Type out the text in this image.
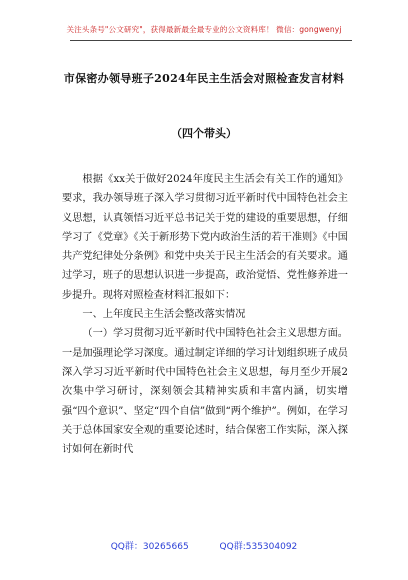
关注头条号"公文研究"，获得最新最全最专业的公文资料库！ 微信：gongwenyj
市保密办领导班子2024年民主生活会对照检查发言材料
（四个带头）

根据《xx关于做好2024年度民主生活会有关工作的通知》要求，我办领导班子深入学习贯彻习近平新时代中国特色社会主义思想，认真领悟习近平总书记关于党的建设的重要思想，仔细学习了《党章》《关于新形势下党内政治生活的若干准则》《中国共产党纪律处分条例》和党中央关于民主生活会的有关要求。通过学习，班子的思想认识进一步提高，政治觉悟、党性修养进一步提升。现将对照检查材料汇报如下：

一、上年度民主生活会整改落实情况

（一）学习贯彻习近平新时代中国特色社会主义思想方面。一是加强理论学习深度。通过制定详细的学习计划组织班子成员深入学习习近平新时代中国特色社会主义思想，每月至少开展2次集中学习研讨，深刻领会其精神实质和丰富内涵，切实增强“四个意识”、坚定“四个自信”做到“两个维护”。例如，在学习关于总体国家安全观的重要论述时，结合保密工作实际，深入探讨如何在新时代

QQ群：30265665	QQ群:535304092
